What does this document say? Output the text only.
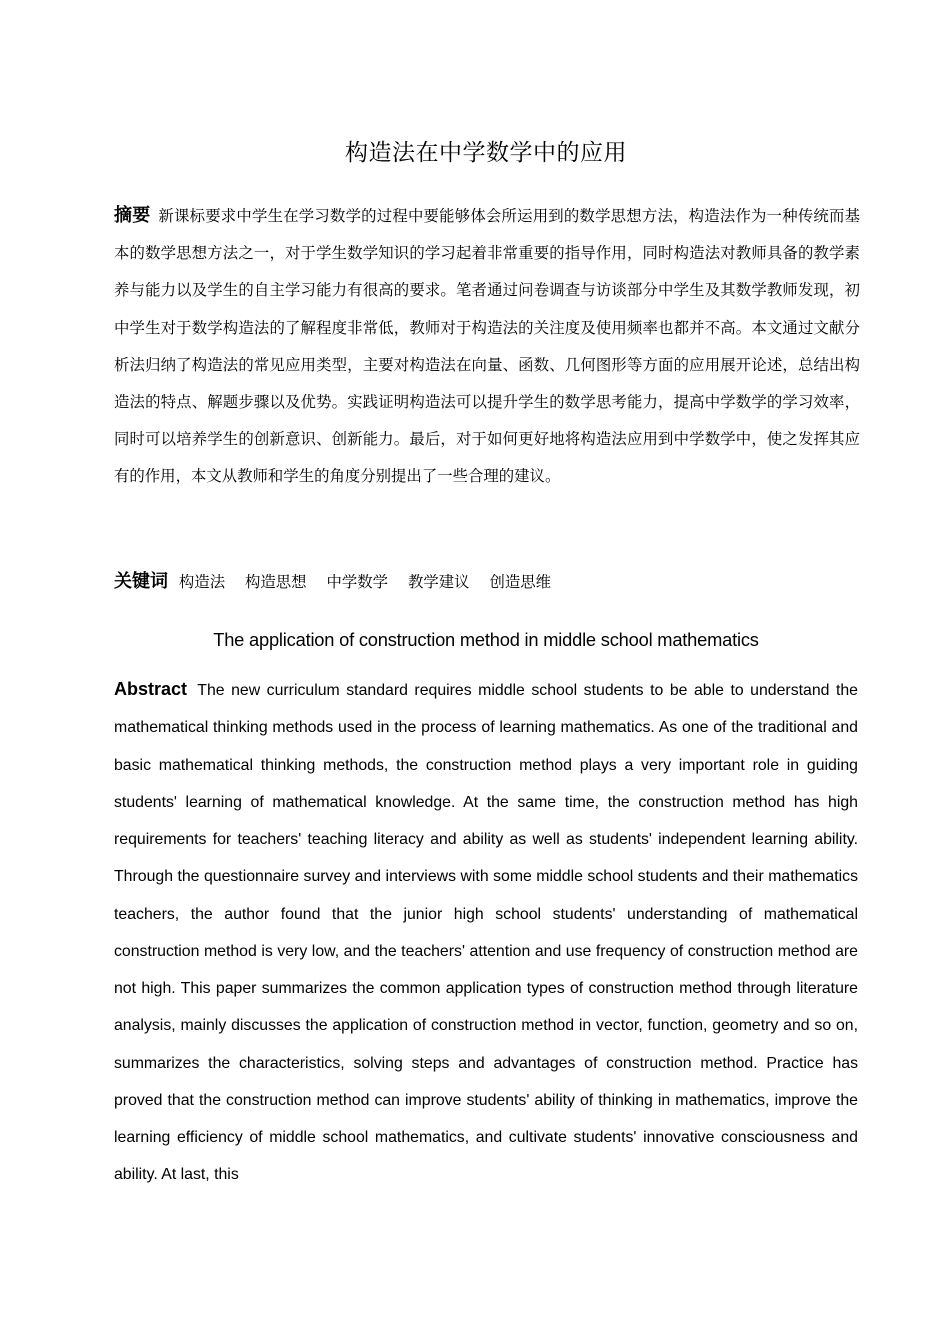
构造法在中学数学中的应用

摘要 新课标要求中学生在学习数学的过程中要能够体会所运用到的数学思想方法，构造法作为一种传统而基本的数学思想方法之一，对于学生数学知识的学习起着非常重要的指导作用，同时构造法对教师具备的教学素养与能力以及学生的自主学习能力有很高的要求。笔者通过问卷调查与访谈部分中学生及其数学教师发现，初中学生对于数学构造法的了解程度非常低，教师对于构造法的关注度及使用频率也都并不高。本文通过文献分析法归纳了构造法的常见应用类型，主要对构造法在向量、函数、几何图形等方面的应用展开论述，总结出构造法的特点、解题步骤以及优势。实践证明构造法可以提升学生的数学思考能力，提高中学数学的学习效率，同时可以培养学生的创新意识、创新能力。最后，对于如何更好地将构造法应用到中学数学中，使之发挥其应有的作用，本文从教师和学生的角度分别提出了一些合理的建议。

关键词 构造法 构造思想 中学数学 教学建议 创造思维
The application of construction method in middle school mathematics

Abstract The new curriculum standard requires middle school students to be able to understand the mathematical thinking methods used in the process of learning mathematics. As one of the traditional and basic mathematical thinking methods, the construction method plays a very important role in guiding students' learning of mathematical knowledge. At the same time, the construction method has high requirements for teachers' teaching literacy and ability as well as students' independent learning ability. Through the questionnaire survey and interviews with some middle school students and their mathematics teachers, the author found that the junior high school students' understanding of mathematical construction method is very low, and the teachers' attention and use frequency of construction method are not high. This paper summarizes the common application types of construction method through literature analysis, mainly discusses the application of construction method in vector, function, geometry and so on, summarizes the characteristics, solving steps and advantages of construction method. Practice has proved that the construction method can improve students' ability of thinking in mathematics, improve the learning efficiency of middle school mathematics, and cultivate students' innovative consciousness and ability. At last, this
